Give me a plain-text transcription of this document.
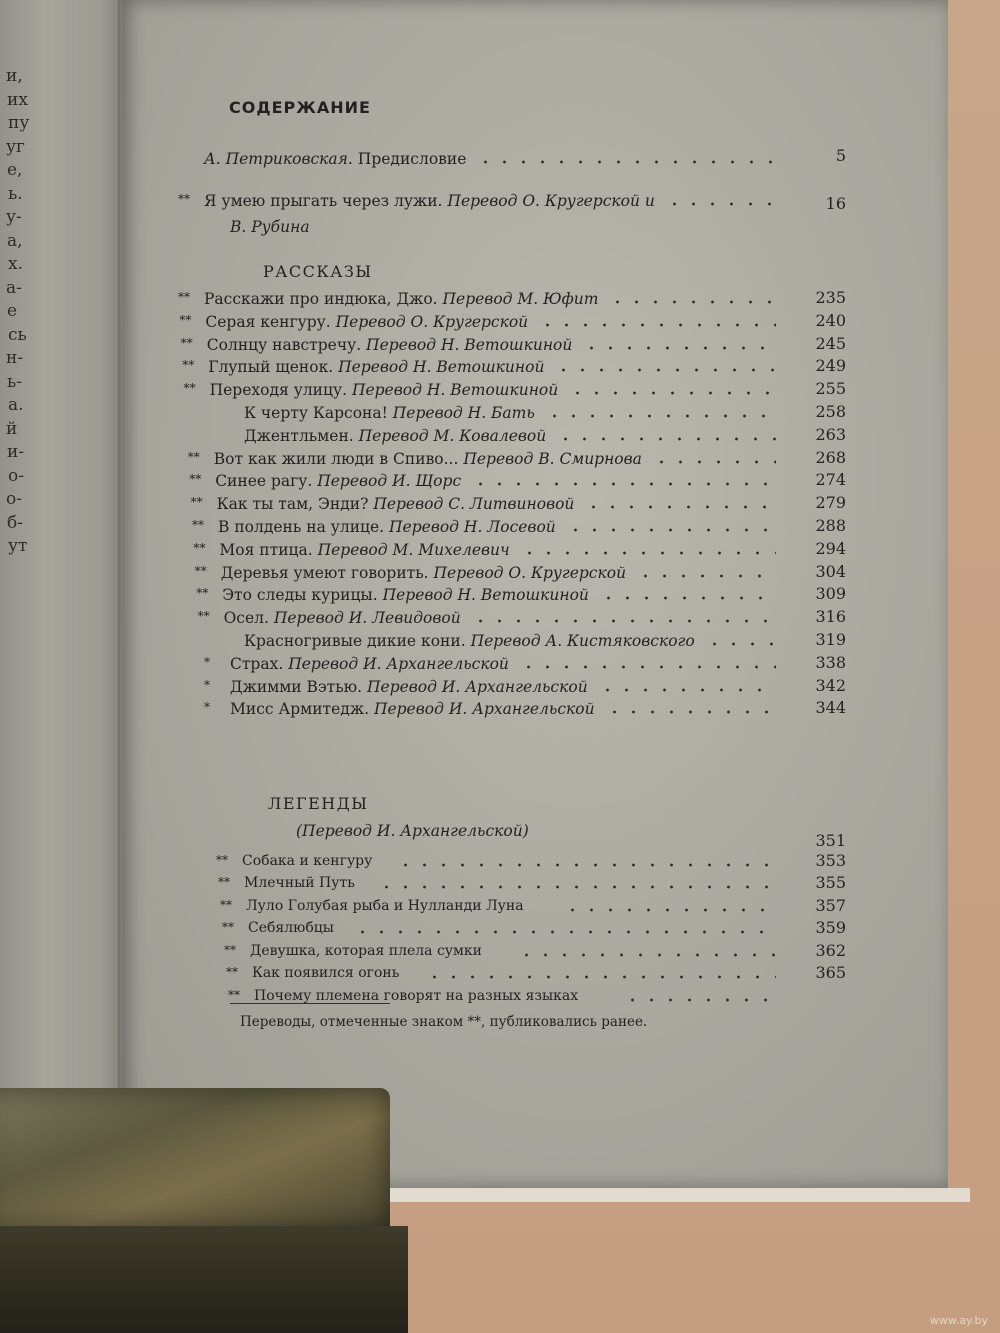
и,
их
пу
уг
е,
ь.
у-
а,
х.
а-
е
сь
н-
ь-
а.
й
и-
о-
о-
б-
ут
СОДЕРЖАНИЕ
А. Петриковская. Предисловие	5
** Я умею прыгать через лужи. Перевод О. Кругерской и	16
В. Рубина
РАССКАЗЫ
** Расскажи про индюка, Джо. Перевод М. Юфит	235
** Серая кенгуру. Перевод О. Кругерской	240
** Солнцу навстречу. Перевод Н. Ветошкиной	245
** Глупый щенок. Перевод Н. Ветошкиной	249
** Переходя улицу. Перевод Н. Ветошкиной	255
К черту Карсона! Перевод Н. Бать	258
Джентльмен. Перевод М. Ковалевой	263
** Вот как жили люди в Спиво... Перевод В. Смирнова	268
** Синее рагу. Перевод И. Щорс	274
** Как ты там, Энди? Перевод С. Литвиновой	279
** В полдень на улице. Перевод Н. Лосевой	288
** Моя птица. Перевод М. Михелевич	294
** Деревья умеют говорить. Перевод О. Кругерской	304
** Это следы курицы. Перевод Н. Ветошкиной	309
** Осел. Перевод И. Левидовой	316
Красногривые дикие кони. Перевод А. Кистяковского	319
* Страх. Перевод И. Архангельской	338
* Джимми Вэтью. Перевод И. Архангельской	342
* Мисс Армитедж. Перевод И. Архангельской	344
ЛЕГЕНДЫ
(Перевод И. Архангельской)	351
** Собака и кенгуру	353
** Млечный Путь	355
** Луло Голубая рыба и Нулланди Луна	357
** Себялюбцы	359
** Девушка, которая плела сумки	362
** Как появился огонь	365
** Почему племена говорят на разных языках
Переводы, отмеченные знаком **, публиковались ранее.
www.ay.by
